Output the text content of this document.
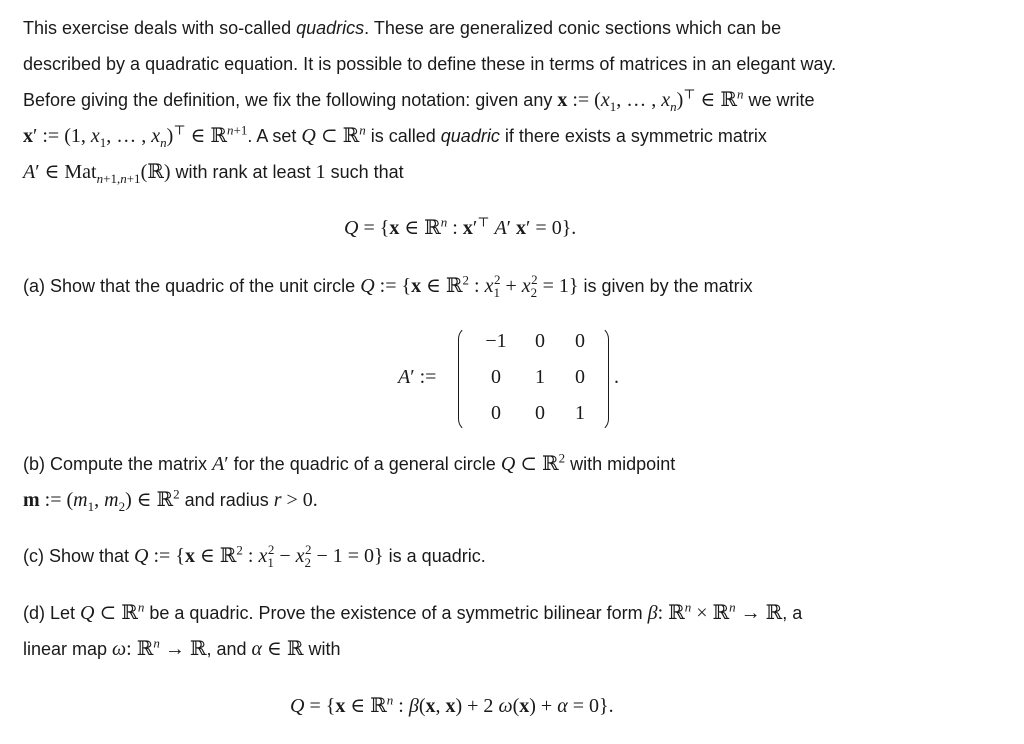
This exercise deals with so-called quadrics. These are generalized conic sections which can be
described by a quadratic equation. It is possible to define these in terms of matrices in an elegant way.
Before giving the definition, we fix the following notation: given any x := ($x_1$, … , $x_n)^⊤$ ∈ ℝ$^n$ we write
x′ := (1, $x_1$, … , $x_n)^⊤$ ∈ ℝ$^{n+1}$. A set Q ⊂ ℝ$^n$ is called quadric if there exists a symmetric matrix
A′ ∈ Mat$_{n+1,n+1}$(ℝ) with rank at least 1 such that
Q = {x ∈ ℝ$^n$ : x′⊤ A′ x′ = 0}.
(a) Show that the quadric of the unit circle Q := {x ∈ ℝ$^2$ : $x_1^2 + x_2^2 = 1$} is given by the matrix
A′ :=
−1	0	0
0	1	0
0	0	1
.
(b) Compute the matrix A′ for the quadric of a general circle Q ⊂ ℝ$^2$ with midpoint
m := ($m_1$, $m_2$) ∈ ℝ$^2$ and radius r > 0.
(c) Show that Q := {x ∈ ℝ$^2$ : $x_1^2 - x_2^2 - 1 = 0$} is a quadric.
(d) Let Q ⊂ ℝ$^n$ be a quadric. Prove the existence of a symmetric bilinear form β: ℝ$^n$ × ℝ$^n$ → ℝ, a
linear map ω: ℝ$^n$ → ℝ, and α ∈ ℝ with
Q = {x ∈ ℝ$^n$ : β(x, x) + 2 ω(x) + α = 0}.
